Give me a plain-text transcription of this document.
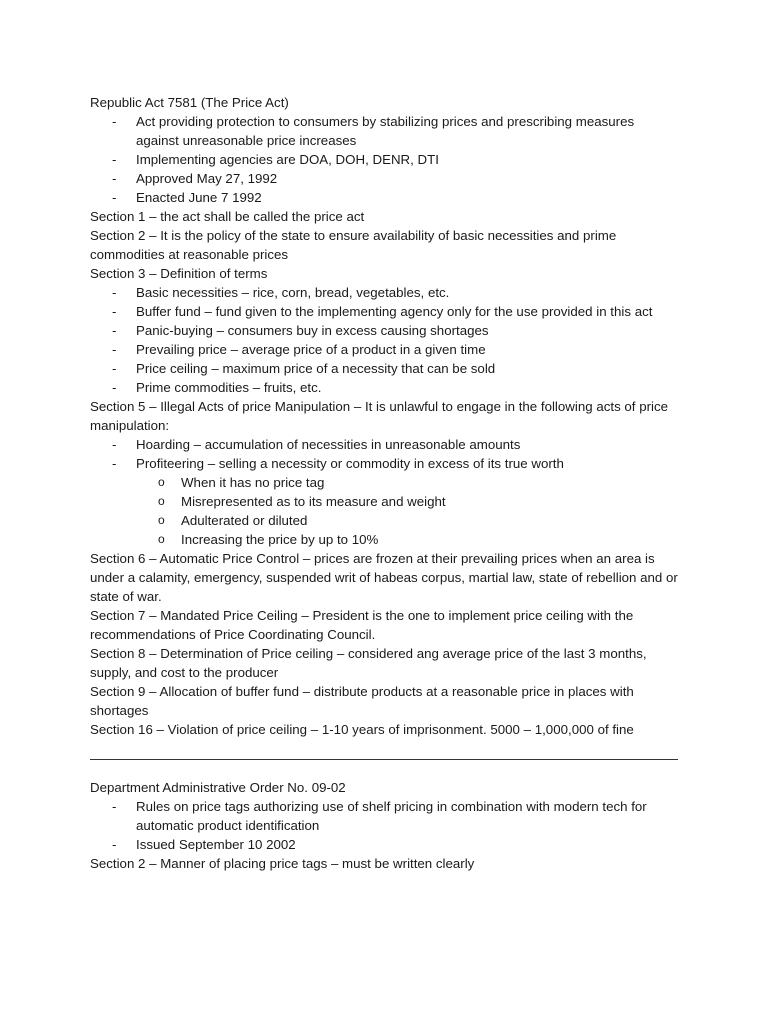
Republic Act 7581 (The Price Act)

- Act providing protection to consumers by stabilizing prices and prescribing measures against unreasonable price increases
- Implementing agencies are DOA, DOH, DENR, DTI
- Approved May 27, 1992
- Enacted June 7 1992

Section 1 – the act shall be called the price act

Section 2 – It is the policy of the state to ensure availability of basic necessities and prime commodities at reasonable prices

Section 3 – Definition of terms

- Basic necessities – rice, corn, bread, vegetables, etc.
- Buffer fund – fund given to the implementing agency only for the use provided in this act
- Panic-buying – consumers buy in excess causing shortages
- Prevailing price – average price of a product in a given time
- Price ceiling – maximum price of a necessity that can be sold
- Prime commodities – fruits, etc.

Section 5 – Illegal Acts of price Manipulation – It is unlawful to engage in the following acts of price manipulation:

- Hoarding – accumulation of necessities in unreasonable amounts
- Profiteering – selling a necessity or commodity in excess of its true worth
o When it has no price tag
o Misrepresented as to its measure and weight
o Adulterated or diluted
o Increasing the price by up to 10%

Section 6 – Automatic Price Control – prices are frozen at their prevailing prices when an area is under a calamity, emergency, suspended writ of habeas corpus, martial law, state of rebellion and or state of war.

Section 7 – Mandated Price Ceiling – President is the one to implement price ceiling with the recommendations of Price Coordinating Council.

Section 8 – Determination of Price ceiling – considered ang average price of the last 3 months, supply, and cost to the producer

Section 9 – Allocation of buffer fund – distribute products at a reasonable price in places with shortages

Section 16 – Violation of price ceiling – 1-10 years of imprisonment. 5000 – 1,000,000 of fine

Department Administrative Order No. 09-02

- Rules on price tags authorizing use of shelf pricing in combination with modern tech for automatic product identification
- Issued September 10 2002

Section 2 – Manner of placing price tags – must be written clearly
